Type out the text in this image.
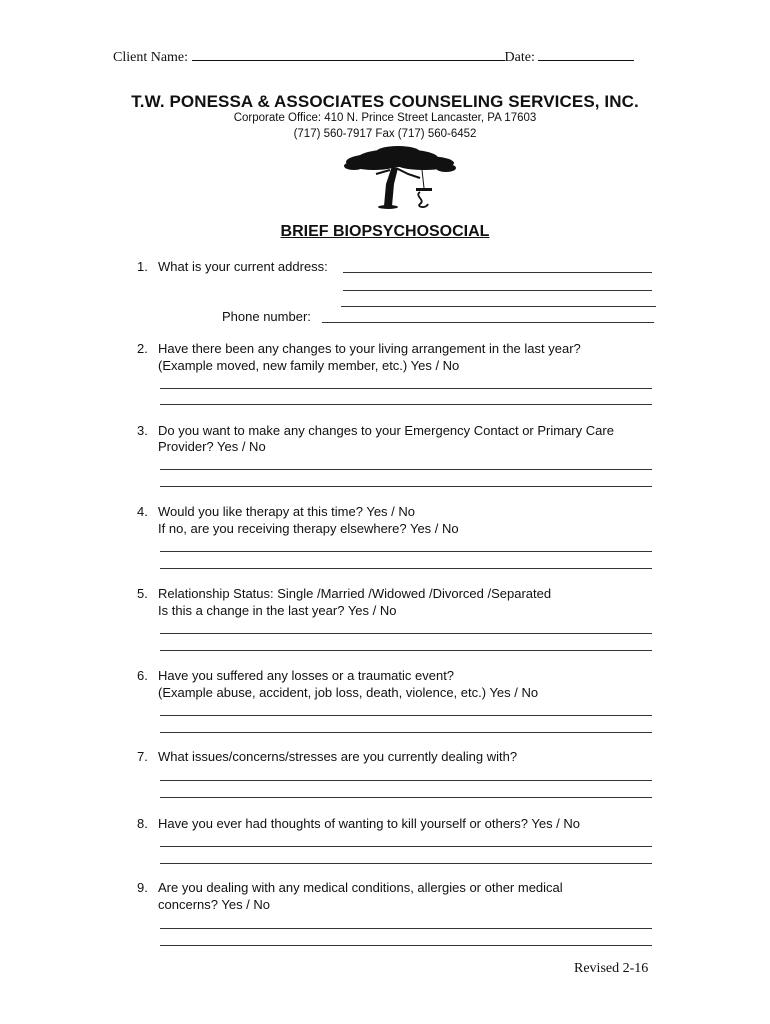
Client Name:	Date:
T.W. PONESSA & ASSOCIATES COUNSELING SERVICES, INC.
Corporate Office: 410 N. Prince Street Lancaster, PA 17603
(717) 560-7917 Fax (717) 560-6452
BRIEF BIOPSYCHOSOCIAL
1. What is your current address:
Phone number:
2. Have there been any changes to your living arrangement in the last year?
(Example moved, new family member, etc.) Yes / No
3. Do you want to make any changes to your Emergency Contact or Primary Care
Provider? Yes / No
4. Would you like therapy at this time? Yes / No
If no, are you receiving therapy elsewhere? Yes / No
5. Relationship Status: Single /Married /Widowed /Divorced /Separated
Is this a change in the last year? Yes / No
6. Have you suffered any losses or a traumatic event?
(Example abuse, accident, job loss, death, violence, etc.) Yes / No
7. What issues/concerns/stresses are you currently dealing with?
8. Have you ever had thoughts of wanting to kill yourself or others? Yes / No
9. Are you dealing with any medical conditions, allergies or other medical
concerns? Yes / No
Revised 2-16
